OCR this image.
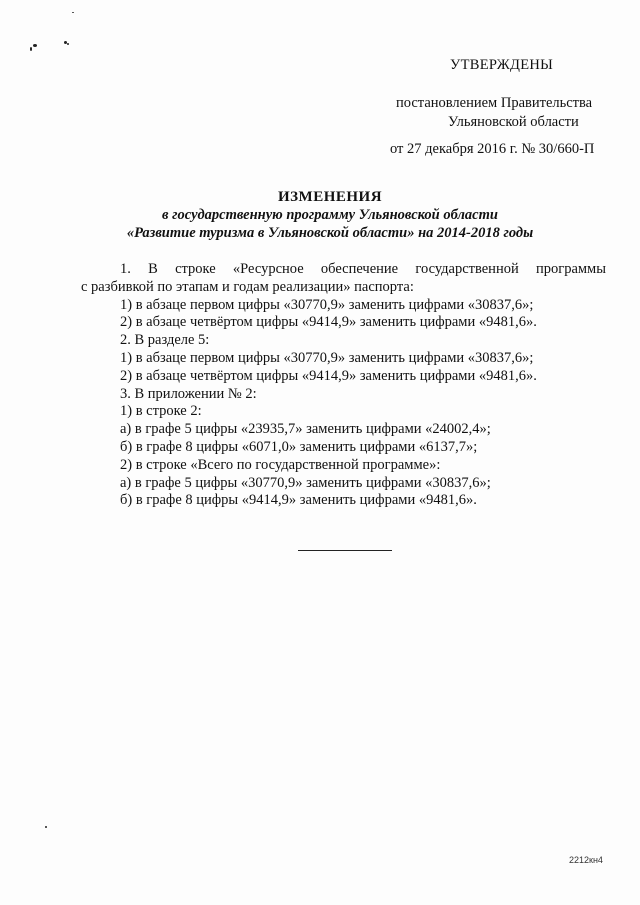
УТВЕРЖДЕНЫ
постановлением Правительства
Ульяновской области
от 27 декабря 2016 г. № 30/660-П
ИЗМЕНЕНИЯ
в государственную программу Ульяновской области
«Развитие туризма в Ульяновской области» на 2014-2018 годы
1. В строке «Ресурсное обеспечение государственной программы

с разбивкой по этапам и годам реализации» паспорта:

1) в абзаце первом цифры «30770,9» заменить цифрами «30837,6»;

2) в абзаце четвёртом цифры «9414,9» заменить цифрами «9481,6».

2. В разделе 5:

1) в абзаце первом цифры «30770,9» заменить цифрами «30837,6»;

2) в абзаце четвёртом цифры «9414,9» заменить цифрами «9481,6».

3. В приложении № 2:

1) в строке 2:

а) в графе 5 цифры «23935,7» заменить цифрами «24002,4»;

б) в графе 8 цифры «6071,0» заменить цифрами «6137,7»;

2) в строке «Всего по государственной программе»:

а) в графе 5 цифры «30770,9» заменить цифрами «30837,6»;

б) в графе 8 цифры «9414,9» заменить цифрами «9481,6».

2212кн4
